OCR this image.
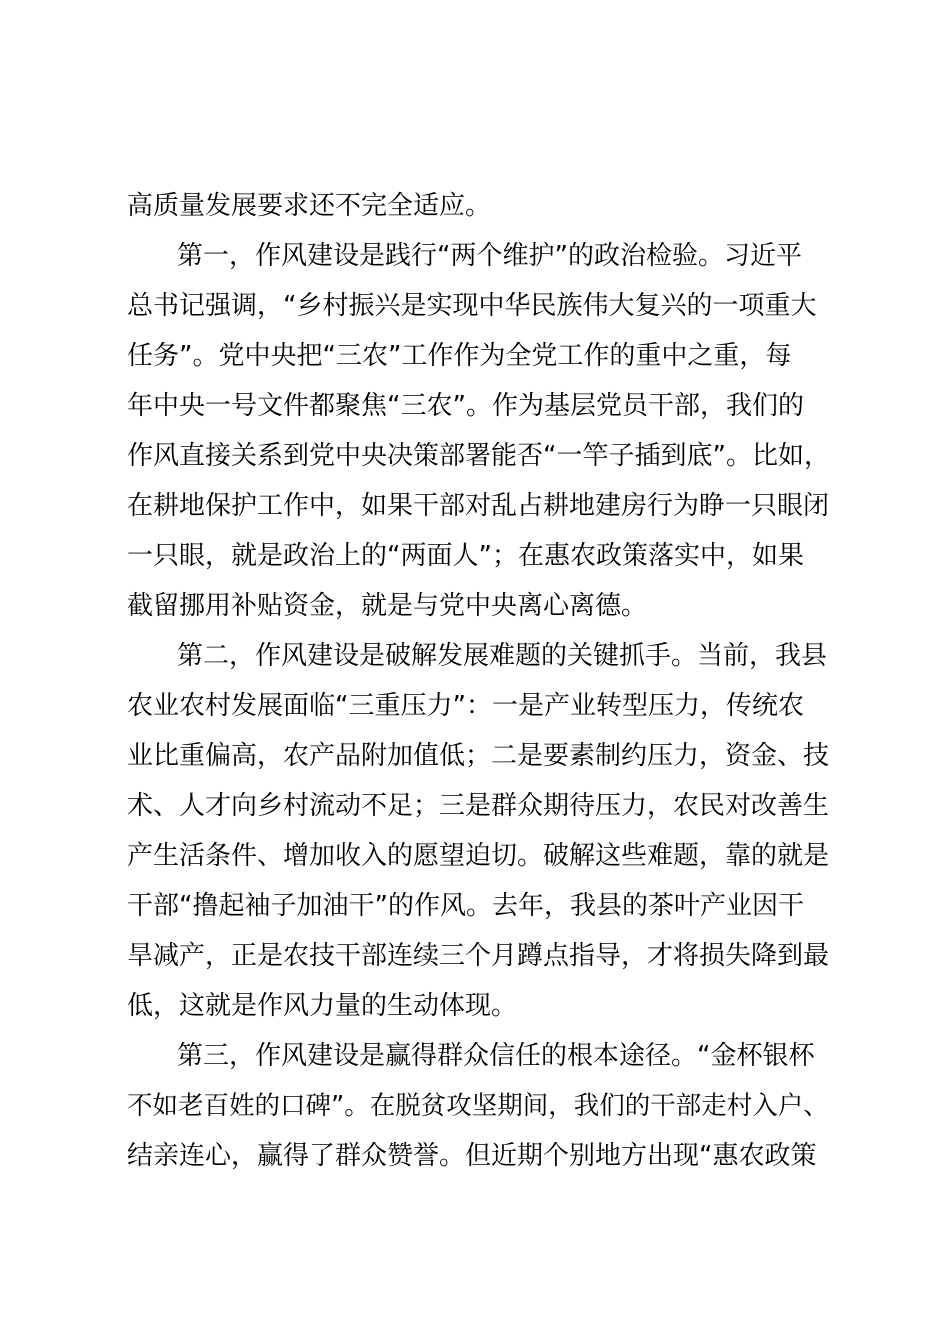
高质量发展要求还不完全适应。
第一，作风建设是践行“两个维护”的政治检验。习近平
总书记强调，“乡村振兴是实现中华民族伟大复兴的一项重大
任务”。党中央把“三农”工作作为全党工作的重中之重，每
年中央一号文件都聚焦“三农”。作为基层党员干部，我们的
作风直接关系到党中央决策部署能否“一竿子插到底”。比如，
在耕地保护工作中，如果干部对乱占耕地建房行为睁一只眼闭
一只眼，就是政治上的“两面人”；在惠农政策落实中，如果
截留挪用补贴资金，就是与党中央离心离德。
第二，作风建设是破解发展难题的关键抓手。当前，我县
农业农村发展面临“三重压力”：一是产业转型压力，传统农
业比重偏高，农产品附加值低；二是要素制约压力，资金、技
术、人才向乡村流动不足；三是群众期待压力，农民对改善生
产生活条件、增加收入的愿望迫切。破解这些难题，靠的就是
干部“撸起袖子加油干”的作风。去年，我县的茶叶产业因干
旱减产，正是农技干部连续三个月蹲点指导，才将损失降到最
低，这就是作风力量的生动体现。
第三，作风建设是赢得群众信任的根本途径。“金杯银杯
不如老百姓的口碑”。在脱贫攻坚期间，我们的干部走村入户、
结亲连心，赢得了群众赞誉。但近期个别地方出现“惠农政策
